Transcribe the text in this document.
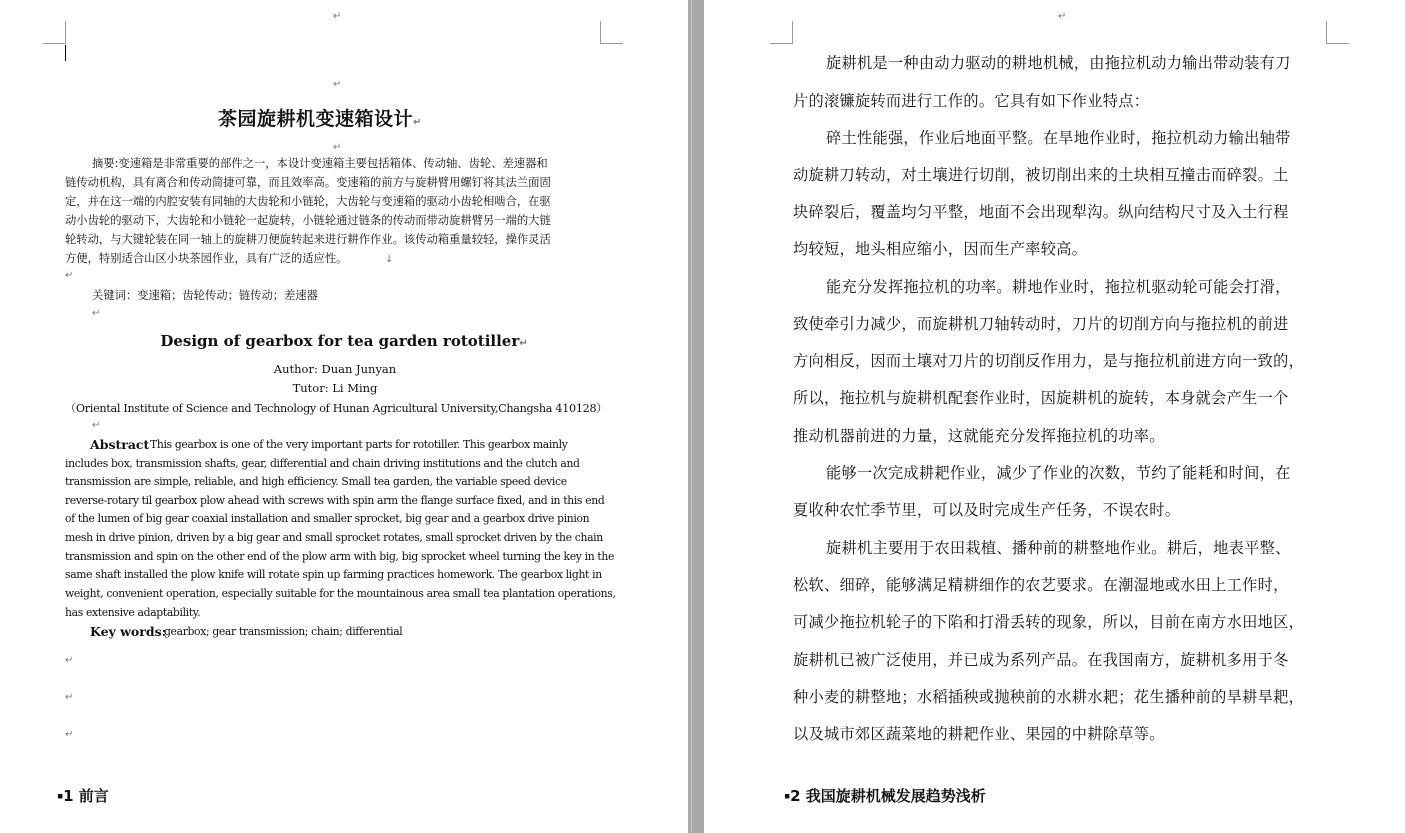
↵
↵
茶园旋耕机变速箱设计↵
↵
摘要:变速箱是非常重要的部件之一，本设计变速箱主要包括箱体、传动轴、齿轮、差速器和
链传动机构，具有离合和传动简捷可靠，而且效率高。变速箱的前方与旋耕臂用螺钉将其法兰面固
定，并在这一端的内腔安装有同轴的大齿轮和小链轮，大齿轮与变速箱的驱动小齿轮相啮合，在驱
动小齿轮的驱动下，大齿轮和小链轮一起旋转，小链轮通过链条的传动而带动旋耕臂另一端的大链
轮转动，与大键轮装在同一轴上的旋耕刀便旋转起来进行耕作作业。该传动箱重量较轻，操作灵活
方便，特别适合山区小块茶园作业，具有广泛的适应性。	↓
↵
关键词：变速箱；齿轮传动；链传动；差速器
↵
Design of gearbox for tea garden rototiller↵
Author: Duan Junyan
Tutor: Li Ming
（Oriental Institute of Science and Technology of Hunan Agricultural University,Changsha 410128）
↵
Abstract This gearbox is one of the very important parts for rototiller. This gearbox mainly
includes box, transmission shafts, gear, differential and chain driving institutions and the clutch and
transmission are simple, reliable, and high efficiency. Small tea garden, the variable speed device
reverse-rotary til gearbox plow ahead with screws with spin arm the flange surface fixed, and in this end
of the lumen of big gear coaxial installation and smaller sprocket, big gear and a gearbox drive pinion
mesh in drive pinion, driven by a big gear and small sprocket rotates, small sprocket driven by the chain
transmission and spin on the other end of the plow arm with big, big sprocket wheel turning the key in the
same shaft installed the plow knife will rotate spin up farming practices homework. The gearbox light in
weight, convenient operation, especially suitable for the mountainous area small tea plantation operations,
has extensive adaptability.
Key words:
gearbox; gear transmission; chain; differential
↵
↵
↵
▪1 前言
↵
旋耕机是一种由动力驱动的耕地机械，由拖拉机动力输出带动装有刀
片的滚镰旋转而进行工作的。它具有如下作业特点：
碎土性能强，作业后地面平整。在旱地作业时，拖拉机动力输出轴带
动旋耕刀转动，对土壤进行切削，被切削出来的土块相互撞击而碎裂。土
块碎裂后，覆盖均匀平整，地面不会出现犁沟。纵向结构尺寸及入土行程
均较短，地头相应缩小，因而生产率较高。
能充分发挥拖拉机的功率。耕地作业时，拖拉机驱动轮可能会打滑，
致使牵引力减少，而旋耕机刀轴转动时，刀片的切削方向与拖拉机的前进
方向相反，因而土壤对刀片的切削反作用力，是与拖拉机前进方向一致的，
所以，拖拉机与旋耕机配套作业时，因旋耕机的旋转，本身就会产生一个
推动机器前进的力量，这就能充分发挥拖拉机的功率。
能够一次完成耕耙作业，减少了作业的次数，节约了能耗和时间，在
夏收种农忙季节里，可以及时完成生产任务，不误农时。
旋耕机主要用于农田栽植、播种前的耕整地作业。耕后，地表平整、
松软、细碎，能够满足精耕细作的农艺要求。在潮湿地或水田上工作时，
可减少拖拉机轮子的下陷和打滑丢转的现象，所以，目前在南方水田地区，
旋耕机已被广泛使用，并已成为系列产品。在我国南方，旋耕机多用于冬
种小麦的耕整地；水稻插秧或抛秧前的水耕水耙；花生播种前的旱耕旱耙，
以及城市郊区蔬菜地的耕耙作业、果园的中耕除草等。
▪2 我国旋耕机械发展趋势浅析
